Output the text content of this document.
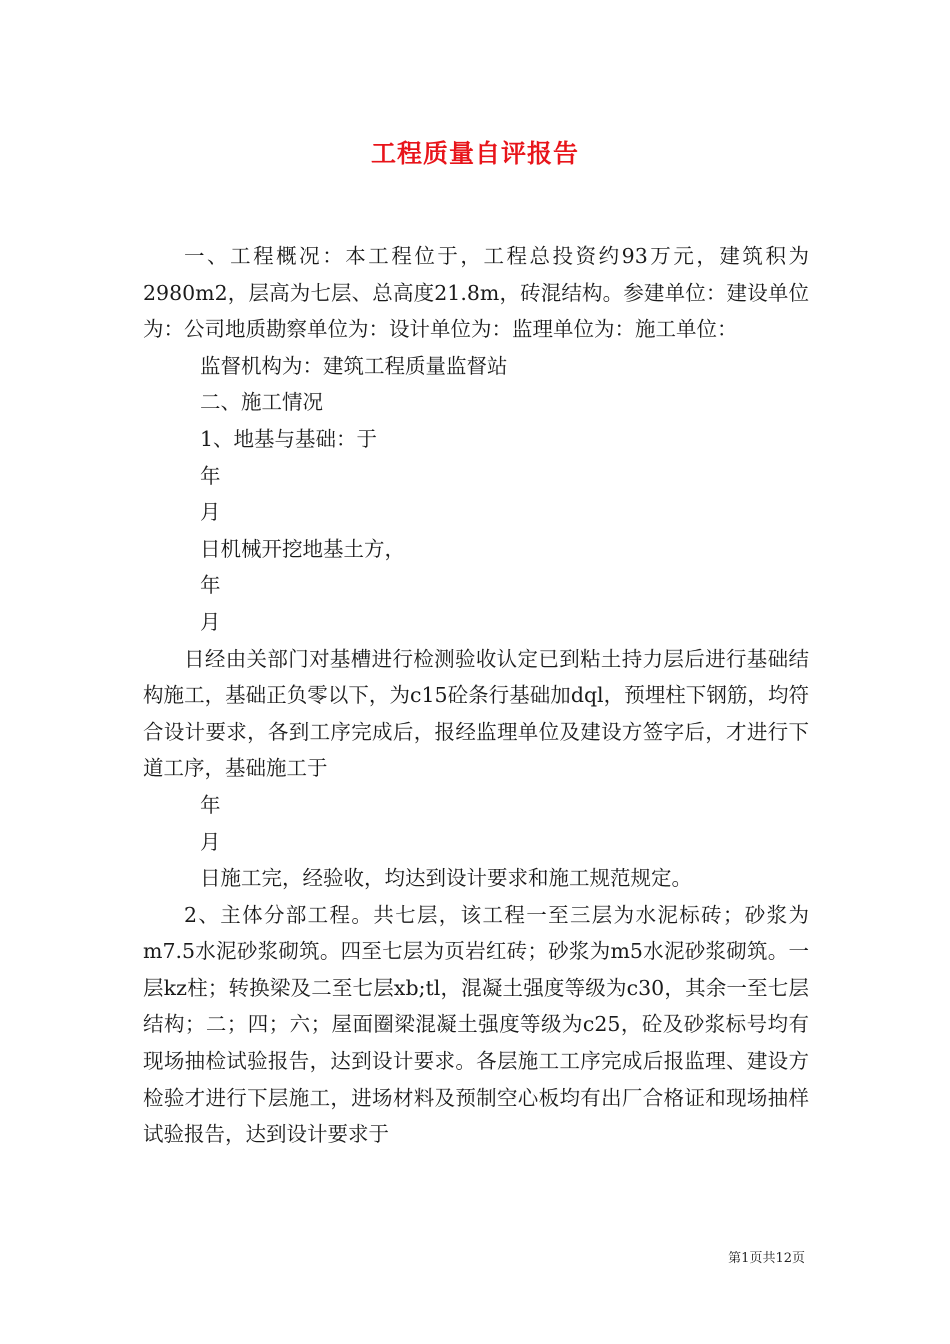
工程质量自评报告

一、工程概况：本工程位于，工程总投资约93万元，建筑积为2980m2，层高为七层、总高度21.8m，砖混结构。参建单位：建设单位为：公司地质勘察单位为：设计单位为：监理单位为：施工单位：

监督机构为：建筑工程质量监督站

二、施工情况

1、地基与基础：于

年

月

日机械开挖地基土方，

年

月

日经由关部门对基槽进行检测验收认定已到粘土持力层后进行基础结构施工，基础正负零以下，为c15砼条行基础加dql，预埋柱下钢筋，均符合设计要求，各到工序完成后，报经监理单位及建设方签字后，才进行下道工序，基础施工于

年

月

日施工完，经验收，均达到设计要求和施工规范规定。

2、主体分部工程。共七层，该工程一至三层为水泥标砖；砂浆为m7.5水泥砂浆砌筑。四至七层为页岩红砖；砂浆为m5水泥砂浆砌筑。一层kz柱；转换梁及二至七层xb;tl，混凝土强度等级为c30，其余一至七层结构；二；四；六；屋面圈梁混凝土强度等级为c25，砼及砂浆标号均有现场抽检试验报告，达到设计要求。各层施工工序完成后报监理、建设方检验才进行下层施工，进场材料及预制空心板均有出厂合格证和现场抽样试验报告，达到设计要求于

第1页共12页
